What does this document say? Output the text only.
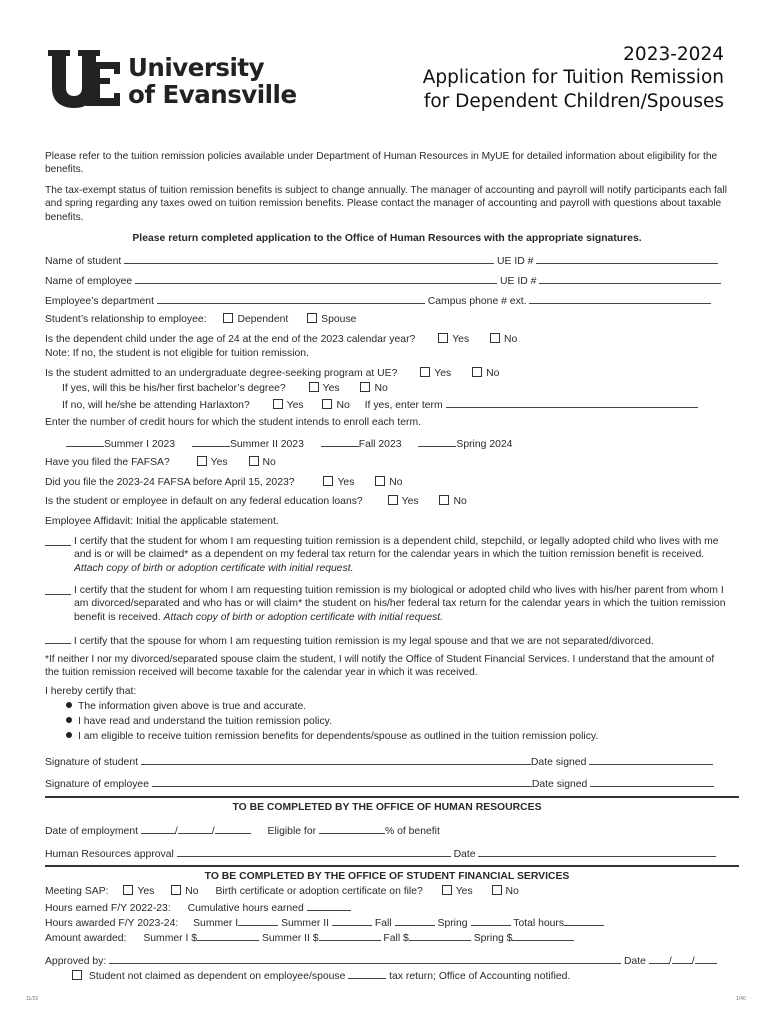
University
of Evansville
2023-2024
Application for Tuition Remission
for Dependent Children/Spouses
Please refer to the tuition remission policies available under Department of Human Resources in MyUE for detailed information about eligibility for the benefits.
The tax-exempt status of tuition remission benefits is subject to change annually. The manager of accounting and payroll will notify participants each fall and spring regarding any taxes owed on tuition remission benefits. Please contact the manager of accounting and payroll with questions about taxable benefits.
Please return completed application to the Office of Human Resources with the appropriate signatures.
Name of student	UE ID #
Name of employee	UE ID #
Employee’s department	Campus phone # ext.
Student’s relationship to employee:	Dependent	Spouse
Is the dependent child under the age of 24 at the end of the 2023 calendar year?	Yes	No
Note: If no, the student is not eligible for tuition remission.
Is the student admitted to an undergraduate degree-seeking program at UE?	Yes	No
If yes, will this be his/her first bachelor’s degree?	Yes	No
If no, will he/she be attending Harlaxton?	Yes	No If yes, enter term
Enter the number of credit hours for which the student intends to enroll each term.
Summer I 2023	Summer II 2023	Fall 2023	Spring 2024
Have you filed the FAFSA?	Yes	No
Did you file the 2023-24 FAFSA before April 15, 2023?	Yes	No
Is the student or employee in default on any federal education loans?	Yes	No
Employee Affidavit: Initial the applicable statement.
I certify that the student for whom I am requesting tuition remission is a dependent child, stepchild, or legally adopted child who lives with me and is or will be claimed* as a dependent on my federal tax return for the calendar years in which the tuition remission benefit is received. Attach copy of birth or adoption certificate with initial request.
I certify that the student for whom I am requesting tuition remission is my biological or adopted child who lives with his/her parent from whom I am divorced/separated and who has or will claim* the student on his/her federal tax return for the calendar years in which the tuition remission benefit is received. Attach copy of birth or adoption certificate with initial request.
I certify that the spouse for whom I am requesting tuition remission is my legal spouse and that we are not separated/divorced.
*If neither I nor my divorced/separated spouse claim the student, I will notify the Office of Student Financial Services. I understand that the amount of the tuition remission received will become taxable for the calendar year in which it was received.
I hereby certify that:
The information given above is true and accurate.
I have read and understand the tuition remission policy.
I am eligible to receive tuition remission benefits for dependents/spouse as outlined in the tuition remission policy.
Signature of student	Date signed
Signature of employee	Date signed
TO BE COMPLETED BY THE OFFICE OF HUMAN RESOURCES
Date of employment	/	/	Eligible for	% of benefit
Human Resources approval	Date
TO BE COMPLETED BY THE OFFICE OF STUDENT FINANCIAL SERVICES
Meeting SAP:	Yes	No Birth certificate or adoption certificate on file?	Yes	No
Hours earned F/Y 2022-23: Cumulative hours earned
Hours awarded F/Y 2023-24: Summer I	Summer II	Fall	Spring	Total hours
Amount awarded: Summer I $	Summer II $	Fall $	Spring $
Approved by:	Date / /
Student not claimed as dependent on employee/spouse	tax return; Office of Accounting notified.
11/22	1/40
